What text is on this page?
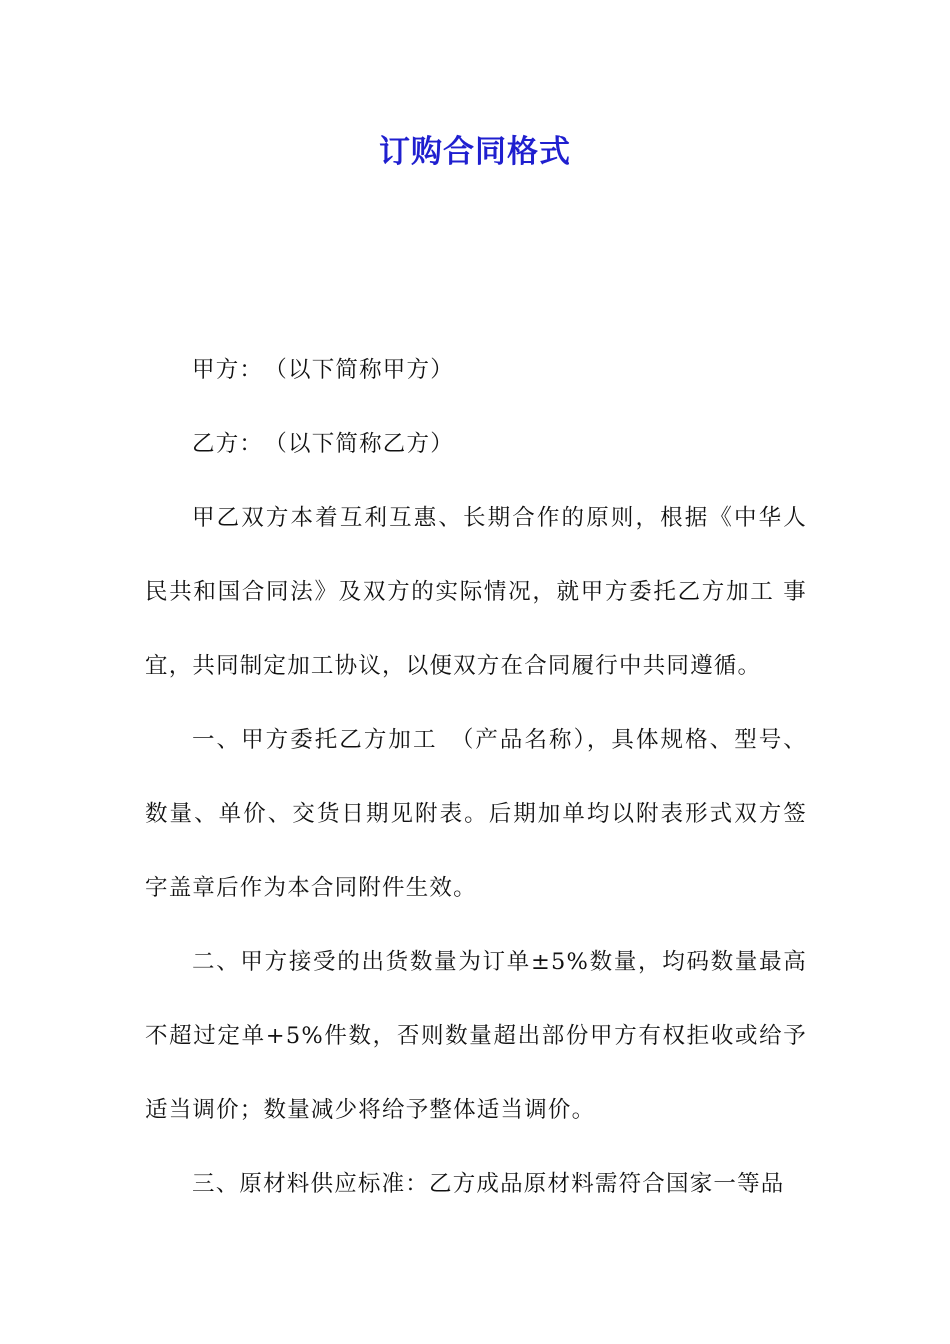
订购合同格式

甲方：　（以下简称甲方）

乙方：　（以下简称乙方）

甲乙双方本着互利互惠、长期合作的原则，根据《中华人民共和国合同法》及双方的实际情况，就甲方委托乙方加工 事宜，共同制定加工协议，以便双方在合同履行中共同遵循。

一、甲方委托乙方加工　（产品名称），具体规格、型号、数量、单价、交货日期见附表。后期加单均以附表形式双方签字盖章后作为本合同附件生效。

二、甲方接受的出货数量为订单±5%数量，均码数量最高不超过定单+5%件数，否则数量超出部份甲方有权拒收或给予适当调价；数量减少将给予整体适当调价。

三、原材料供应标准：乙方成品原材料需符合国家一等品
